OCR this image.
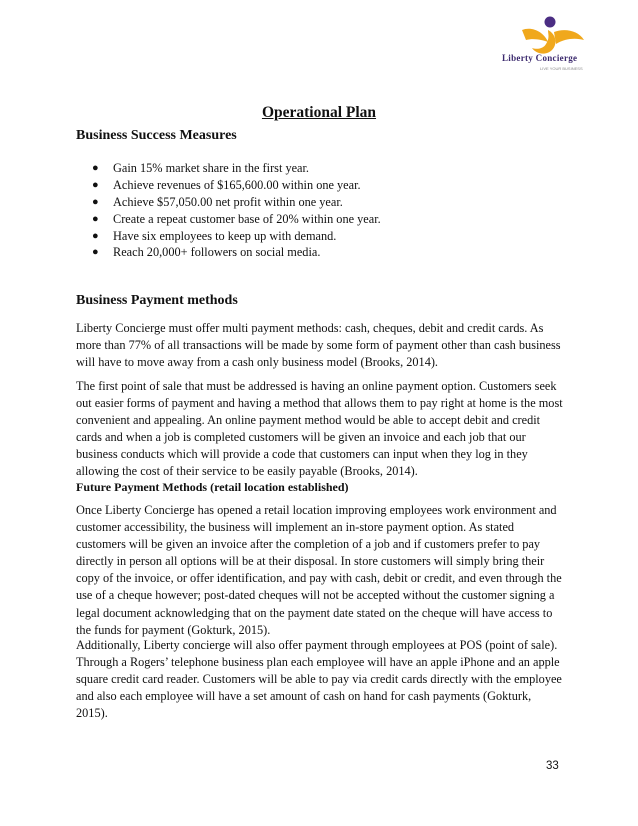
Liberty Concierge
LIVE YOUR BUSINESS
Operational Plan
Business Success Measures
● Gain 15% market share in the first year.
● Achieve revenues of $165,600.00 within one year.
● Achieve $57,050.00 net profit within one year.
● Create a repeat customer base of 20% within one year.
● Have six employees to keep up with demand.
● Reach 20,000+ followers on social media.
Business Payment methods
Liberty Concierge must offer multi payment methods: cash, cheques, debit and credit cards. As more than 77% of all transactions will be made by some form of payment other than cash business will have to move away from a cash only business model (Brooks, 2014).
The first point of sale that must be addressed is having an online payment option. Customers seek out easier forms of payment and having a method that allows them to pay right at home is the most convenient and appealing. An online payment method would be able to accept debit and credit cards and when a job is completed customers will be given an invoice and each job that our business conducts which will provide a code that customers can input when they log in they allowing the cost of their service to be easily payable (Brooks, 2014).
Future Payment Methods (retail location established)
Once Liberty Concierge has opened a retail location improving employees work environment and customer accessibility, the business will implement an in-store payment option. As stated customers will be given an invoice after the completion of a job and if customers prefer to pay directly in person all options will be at their disposal. In store customers will simply bring their copy of the invoice, or offer identification, and pay with cash, debit or credit, and even through the use of a cheque however; post-dated cheques will not be accepted without the customer signing a legal document acknowledging that on the payment date stated on the cheque will have access to the funds for payment (Gokturk, 2015).
Additionally, Liberty concierge will also offer payment through employees at POS (point of sale). Through a Rogers’ telephone business plan each employee will have an apple iPhone and an apple square credit card reader. Customers will be able to pay via credit cards directly with the employee and also each employee will have a set amount of cash on hand for cash payments (Gokturk, 2015).
33
